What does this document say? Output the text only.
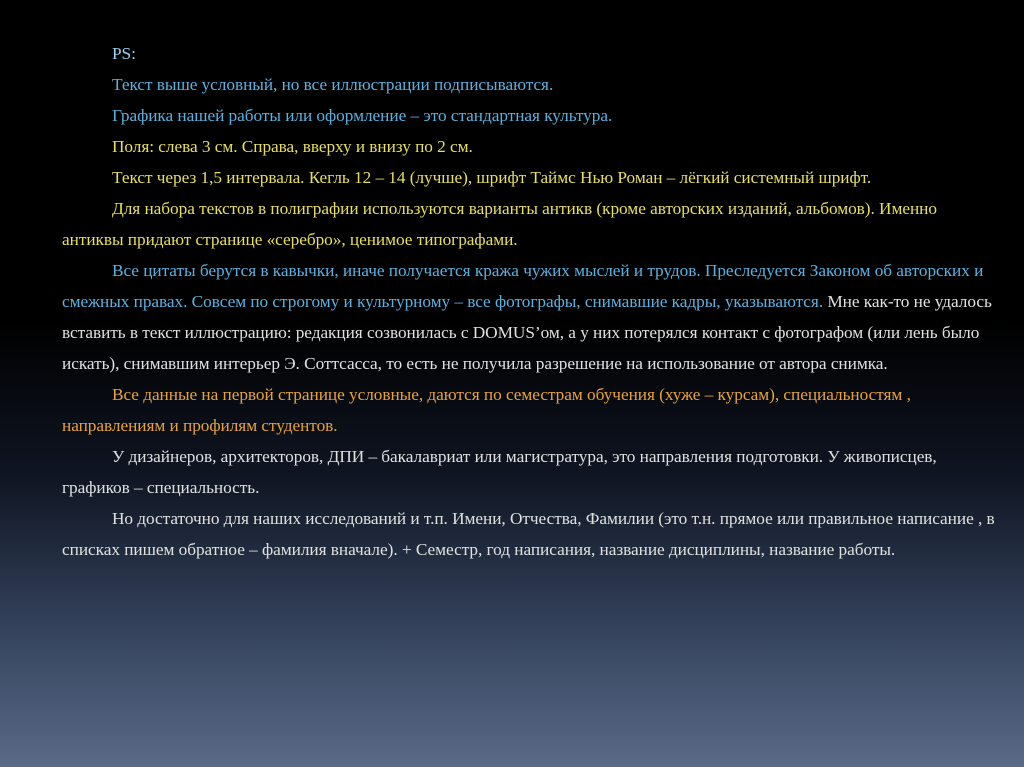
PS:

Текст выше условный, но все иллюстрации подписываются.

Графика нашей работы или оформление – это стандартная культура.

Поля: слева 3 см. Справа, вверху и внизу по 2 см.

Текст через 1,5 интервала. Кегль 12 – 14 (лучше), шрифт Таймс Нью Роман – лёгкий системный шрифт.

Для набора текстов в полиграфии используются варианты антикв (кроме авторских изданий, альбомов). Именно антиквы придают странице «серебро», ценимое типографами.

Все цитаты берутся в кавычки, иначе получается кража чужих мыслей и трудов. Преследуется Законом об авторских и смежных правах. Совсем по строгому и культурному – все фотографы, снимавшие кадры, указываются. Мне как-то не удалось вставить в текст иллюстрацию: редакция созвонилась с DOMUS’ом, а у них потерялся контакт с фотографом (или лень было искать), снимавшим интерьер Э. Соттсасса, то есть не получила разрешение на использование от автора снимка.

Все данные на первой странице условные, даются по семестрам обучения (хуже – курсам), специальностям , направлениям и профилям студентов.

У дизайнеров, архитекторов, ДПИ – бакалавриат или магистратура, это направления подготовки. У живописцев, графиков – специальность.

Но достаточно для наших исследований и т.п. Имени, Отчества, Фамилии (это т.н. прямое или правильное написание , в списках пишем обратное – фамилия вначале). + Семестр, год написания, название дисциплины, название работы.
